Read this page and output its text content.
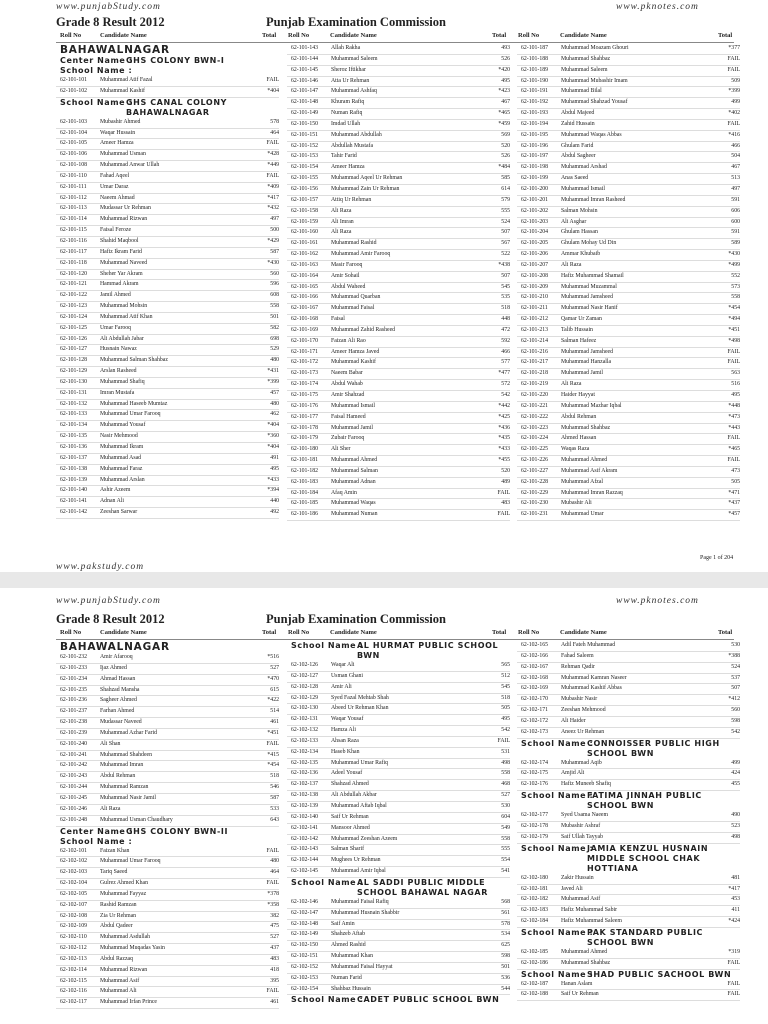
www.punjabStudy.com	www.pknotes.com
Grade 8 Result 2012	Punjab Examination Commission
Roll No	Candidate Name	Total Roll No	Candidate Name	Total Roll No	Candidate Name	Total
BAHAWALNAGAR
Center Name :GHS COLONY BWN-I
School Name :
62-101-101 Muhammad Atif Fazal	FAIL
62-101-102 Muhammad Kashif	*404
School Name :GHS CANAL COLONY
BAHAWALNAGAR
62-101-103 Mubashir Ahmed	578
62-101-104 Waqar Hussain	464
62-101-105 Ameer Hamza	FAIL
62-101-106 Muhammad Usman	*428
62-101-108 Muhammad Anwar Ullah	*449
62-101-110 Fahad Aqeel	FAIL
62-101-111 Umar Daraz	*409
62-101-112 Naeem Ahmad	*417
62-101-113 Mudassar Ur Rehman	*432
62-101-114 Muhammad Rizwan	497
62-101-115 Faisal Feroze	500
62-101-116 Shahid Maqbool	*429
62-101-117 Hafiz Ikram Farid	587
62-101-118 Muhammad Naveed	*430
62-101-120 Sheher Yar Akram	560
62-101-121 Hammad Akram	596
62-101-122 Jamil Ahmed	608
62-101-123 Muhammad Mohsin	558
62-101-124 Muhammad Atif Khan	501
62-101-125 Umar Farooq	582
62-101-126 Ali Abdullah Jabar	698
62-101-127 Husnain Nawaz	529
62-101-128 Muhammad Salman Shahbaz	480
62-101-129 Arslan Rasheed	*431
62-101-130 Muhammad Shafiq	*399
62-101-131 Imran Mustafa	457
62-101-132 Muhammad Haseeb Mumtaz	480
62-101-133 Muhammad Umar Farooq	462
62-101-134 Muhammad Yousaf	*404
62-101-135 Nasir Mehmood	*360
62-101-136 Muhammad Ikram	*404
62-101-137 Muhammad Asad	491
62-101-138 Muhammad Faraz	495
62-101-139 Muhammad Arslan	*433
62-101-140 Ashir Azeem	*394
62-101-141 Adnan Ali	440
62-101-142 Zeeshan Sarwar	492
62-101-143 Allah Rakha	493
62-101-144 Muhammad Saleem	526
62-101-145 Sheroz Iftikhar	*420
62-101-146 Atta Ur Rehman	495
62-101-147 Muhammad Ashfaq	*423
62-101-148 Khuram Rafiq	467
62-101-149 Numan Rafiq	*465
62-101-150 Imdad Ullah	*459
62-101-151 Muhammad Abdullah	569
62-101-152 Abdullah Mustafa	520
62-101-153 Tahir Farid	526
62-101-154 Ameer Hamza	*484
62-101-155 Muhammad Aqeel Ur Rehman	585
62-101-156 Muhammad Zain Ur Rehman	614
62-101-157 Attiq Ur Rehman	579
62-101-158 Ali Raza	555
62-101-159 Ali Imran	524
62-101-160 Ali Raza	507
62-101-161 Muhammad Rashid	567
62-101-162 Muhammad Amir Farooq	522
62-101-163 Masir Farooq	*438
62-101-164 Amir Sohail	507
62-101-165 Abdul Waheed	545
62-101-166 Muhammad Quarban	535
62-101-167 Muhammad Faisal	518
62-101-168 Faisal	448
62-101-169 Muhammad Zahid Rasheed	472
62-101-170 Faizan Ali Rao	592
62-101-171 Ameer Hamza Javed	466
62-101-172 Muhammad Kashif	577
62-101-173 Naeem Babar	*477
62-101-174 Abdul Wahab	572
62-101-175 Amir Shahzad	542
62-101-176 Muhammad Ismail	*442
62-101-177 Faisal Hameed	*425
62-101-178 Muhammad Jamil	*436
62-101-179 Zubair Farooq	*435
62-101-180 Ali Sher	*433
62-101-181 Muhammad Ahmed	*455
62-101-182 Muhammad Salman	520
62-101-183 Muhammad Adnan	489
62-101-184 Afaq Amin	FAIL
62-101-185 Muhammad Waqas	483
62-101-186 Muhammad Numan	FAIL
62-101-187 Muhammad Moazam Ghouri	*377
62-101-188 Muhammad Shahbaz	FAIL
62-101-189 Muhammad Saleem	FAIL
62-101-190 Muhammad Mubashir Imam	509
62-101-191 Muhammad Bilal	*399
62-101-192 Muhammad Shahzad Yousaf	499
62-101-193 Abdul Majeed	*402
62-101-194 Zahid Hussain	FAIL
62-101-195 Muhammad Waqas Abbas	*416
62-101-196 Ghulam Farid	466
62-101-197 Abdul Sagheer	504
62-101-198 Muhammad Arshad	467
62-101-199 Anas Saeed	513
62-101-200 Muhammad Ismail	497
62-101-201 Muhammad Imran Rasheed	591
62-101-202 Salman Mohsin	606
62-101-203 Ali Asghar	600
62-101-204 Ghulam Hassan	591
62-101-205 Ghulam Mohay Ud Din	589
62-101-206 Ammar Khubaib	*430
62-101-207 Ali Raza	*499
62-101-208 Hafiz Muhammad Shamail	552
62-101-209 Muhammad Muzammal	573
62-101-210 Muhammad Jamsheed	558
62-101-211 Muhammad Nasir Hanif	*454
62-101-212 Qamar Ur Zaman	*494
62-101-213 Talib Hussain	*451
62-101-214 Salman Hafeez	*498
62-101-216 Muhammad Jamsheed	FAIL
62-101-217 Muhammad Hanzalla	FAIL
62-101-218 Muhammad Jamil	563
62-101-219 Ali Raza	516
62-101-220 Haider Hayyat	495
62-101-221 Muhammad Mazhar Iqbal	*448
62-101-222 Abdul Rehman	*473
62-101-223 Muhammad Shahbaz	*443
62-101-224 Ahmed Hassan	FAIL
62-101-225 Waqas Raza	*465
62-101-226 Muhammad Ahmed	FAIL
62-101-227 Muhammad Asif Akram	473
62-101-228 Muhammad Afzal	505
62-101-229 Muhammad Imran Razzaq	*471
62-101-230 Mubashir Ali	*437
62-101-231 Muhammad Umar	*457
Page 1 of 204
www.pakstudy.com
www.punjabStudy.com	www.pknotes.com
Grade 8 Result 2012	Punjab Examination Commission
Roll No	Candidate Name	Total Roll No	Candidate Name	Total Roll No	Candidate Name	Total
BAHAWALNAGAR
62-101-232 Amir Afarooq	*516
62-101-233 Ijaz Ahmed	527
62-101-234 Ahmad Hassan	*470
62-101-235 Shahzad Mansha	615
62-101-236 Sagheer Ahmed	*422
62-101-237 Farhan Ahmed	514
62-101-238 Mudassar Naveed	461
62-101-239 Muhammad Azhar Farid	*451
62-101-240 Ali Shan	FAIL
62-101-241 Muhammad Shahdeen	*415
62-101-242 Muhammad Imran	*454
62-101-243 Abdul Rehman	518
62-101-244 Muhammad Ramzan	546
62-101-245 Muhammad Nasir Jamil	587
62-101-246 Ali Raza	533
62-101-248 Muhammad Usman Chaudhary	643
Center Name :GHS COLONY BWN-II
School Name :
62-102-101 Faizan Khan	FAIL
62-102-102 Muhammad Umar Farooq	480
62-102-103 Tariq Saeed	464
62-102-104 Gulrez Ahmed Khan	FAIL
62-102-105 Muhammad Fayyaz	*378
62-102-107 Rashid Ramzan	*358
62-102-108 Zia Ur Rehman	382
62-102-109 Abdul Qadeer	475
62-102-110 Muhammad Asdullah	527
62-102-112 Muhammad Muqadas Yasin	437
62-102-113 Abdul Razzaq	483
62-102-114 Muhammad Rizwan	418
62-102-115 Muhammad Asif	395
62-102-116 Muhammad Ali	FAIL
62-102-117 Muhammad Irfan Prince	461
School Name :AL HURMAT PUBLIC SCHOOL
BWN
62-102-126 Waqar Ali	565
62-102-127 Usman Ghani	512
62-102-128 Amir Ali	545
62-102-129 Syed Fazal Mehtab Shah	518
62-102-130 Abeed Ur Rehman Khan	505
62-102-131 Waqar Yousaf	495
62-102-132 Hamza Ali	542
62-102-133 Ahsan Raza	FAIL
62-102-134 Haseb Khan	531
62-102-135 Muhammad Umar Rafiq	498
62-102-136 Adeel Yousaf	558
62-102-137 Shahzad Ahmed	468
62-102-138 Ali Abdullah Akbar	527
62-102-139 Muhammad Aftab Iqbal	530
62-102-140 Saif Ur Rehman	604
62-102-141 Mansoor Ahmed	549
62-102-142 Muhammad Zeeshan Azeem	558
62-102-143 Salman Sharif	555
62-102-144 Mughees Ur Rehman	554
62-102-145 Muhammad Amir Iqbal	541
School Name :AL SADDI PUBLIC MIDDLE
SCHOOL BAHAWAL NAGAR
62-102-146 Muhammad Faisal Rafiq	568
62-102-147 Muhammad Husnain Shabbir	561
62-102-148 Saif Amin	578
62-102-149 Shahzeb Aftab	534
62-102-150 Ahmed Rashid	625
62-102-151 Muhammad Khan	598
62-102-152 Muhammad Faisal Hayyat	501
62-102-153 Numan Farid	536
62-102-154 Shahbaz Hussain	544
School Name :CADET PUBLIC SCHOOL BWN
62-102-165 Adil Fateh Muhammad	530
62-102-166 Fahad Saleem	*388
62-102-167 Rehman Qadir	524
62-102-168 Muhammad Kamran Naseer	537
62-102-169 Muhammad Kashif Abbas	507
62-102-170 Mubashir Nasir	*412
62-102-171 Zeeshan Mehmood	560
62-102-172 Ali Haider	598
62-102-173 Aneez Ur Rehman	542
School Name :CONNOISSER PUBLIC HIGH
SCHOOL BWN
62-102-174 Muhammad Aqib	499
62-102-175 Amjid Ali	424
62-102-176 Hafiz Muneeb Shafiq	455
School Name :FATIMA JINNAH PUBLIC
SCHOOL BWN
62-102-177 Syed Usama Naeem	490
62-102-178 Mubashir Ashraf	523
62-102-179 Saif Ullah Tayyab	498
School Name :JAMIA KENZUL HUSNAIN
MIDDLE SCHOOL CHAK
HOTTIANA
62-102-180 Zakir Hussain	481
62-102-181 Javed Ali	*417
62-102-182 Muhammad Asif	453
62-102-183 Hafiz Muhammad Sabir	411
62-102-184 Hafiz Muhammad Saleem	*424
School Name :PAK STANDARD PUBLIC
SCHOOL BWN
62-102-185 Muhammad Ahmed	*319
62-102-186 Muhammad Shahbaz	FAIL
School Name :SHAD PUBLIC SACHOOL BWN
62-102-187 Hanan Aslam	FAIL
62-102-188 Saif Ur Rehman	FAIL
